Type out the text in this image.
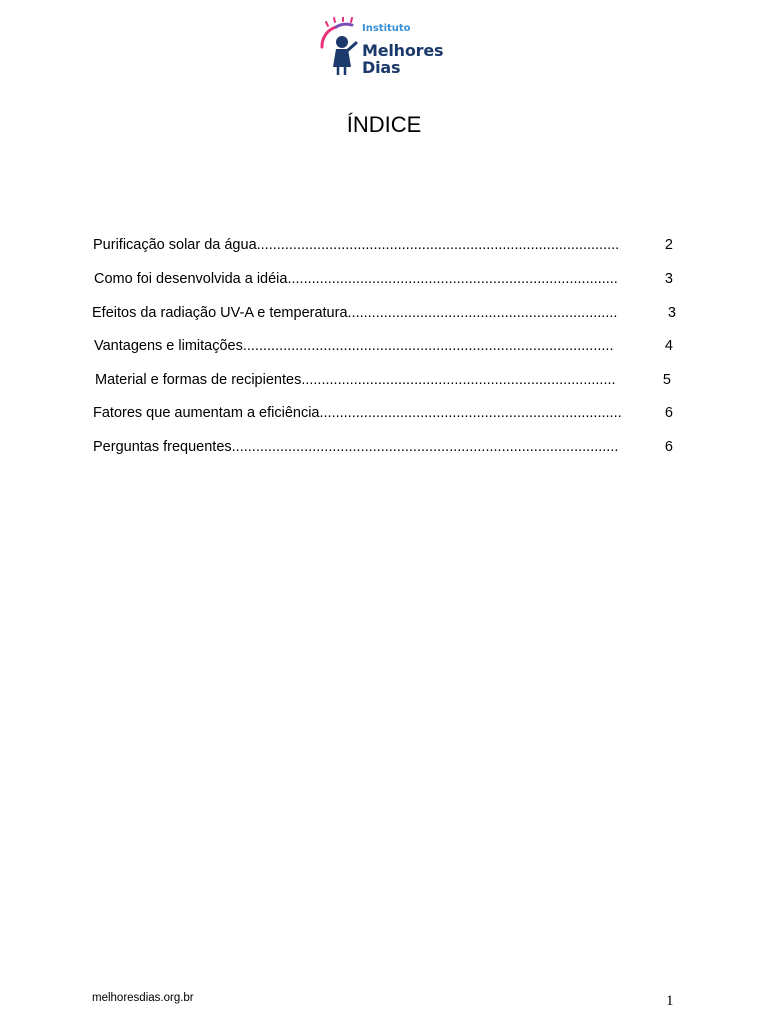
Instituto
Melhores
Dias
ÍNDICE
Purificação solar da água..........................................................................................	2
Como foi desenvolvida a idéia..................................................................................	3
Efeitos da radiação UV-A e temperatura...................................................................	3
Vantagens e limitações............................................................................................	4
Material e formas de recipientes..............................................................................	5
Fatores que aumentam a eficiência...........................................................................	6
Perguntas frequentes................................................................................................	6
melhoresdias.org.br	1
